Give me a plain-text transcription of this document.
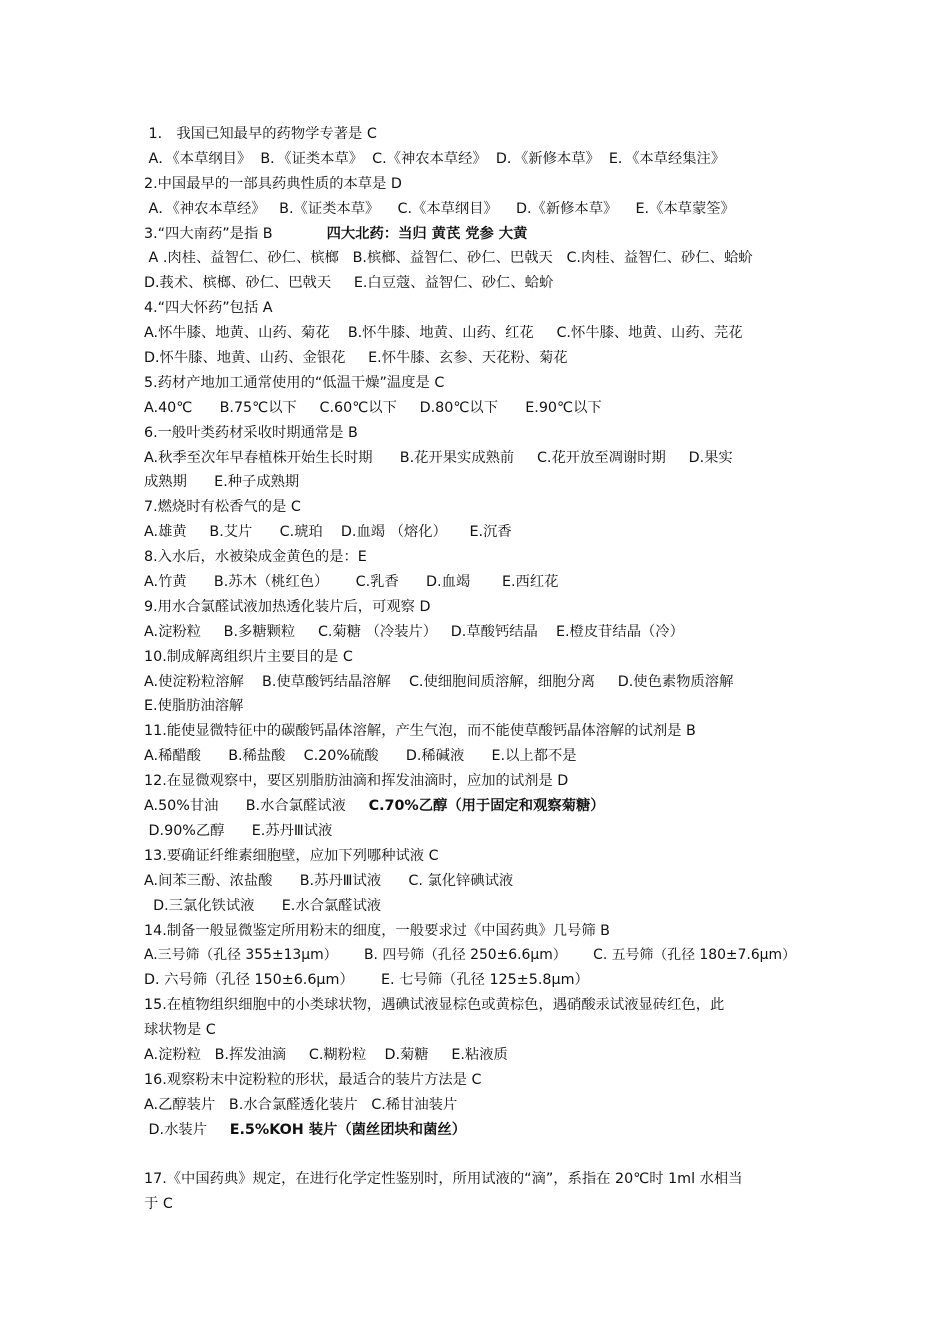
1． 我国已知最早的药物学专著是 C
A．《本草纲目》  B．《证类本草》  C.《神农本草经》  D．《新修本草》  E．《本草经集注》
2.中国最早的一部具药典性质的本草是 D
A．《神农本草经》   B.《证类本草》    C.《本草纲目》    D.《新修本草》    E.《本草蒙筌》
3.“四大南药”是指 B	四大北药：当归 黄芪 党参 大黄
A .肉桂、益智仁、砂仁、槟榔   B.槟榔、益智仁、砂仁、巴戟天   C.肉桂、益智仁、砂仁、蛤蚧
D.莪术、槟榔、砂仁、巴戟天     E.白豆蔻、益智仁、砂仁、蛤蚧
4.“四大怀药”包括 A
A.怀牛膝、地黄、山药、菊花    B.怀牛膝、地黄、山药、红花     C.怀牛膝、地黄、山药、芫花
D.怀牛膝、地黄、山药、金银花     E.怀牛膝、玄参、天花粉、菊花
5.药材产地加工通常使用的“低温干燥”温度是 C
A.40℃      B.75℃以下     C.60℃以下     D.80℃以下      E.90℃以下
6.一般叶类药材采收时期通常是 B
A.秋季至次年早春植株开始生长时期      B.花开果实成熟前     C.花开放至凋谢时期     D.果实
成熟期      E.种子成熟期
7.燃烧时有松香气的是 C
A.雄黄     B.艾片      C.琥珀    D.血竭 （熔化）     E.沉香
8.入水后，水被染成金黄色的是：E
A.竹黄      B.苏木（桃红色）      C.乳香      D.血竭       E.西红花
9.用水合氯醛试液加热透化装片后，可观察 D
A.淀粉粒     B.多糖颗粒     C.菊糖 （冷装片）   D.草酸钙结晶    E.橙皮苷结晶（冷）
10.制成解离组织片主要目的是 C
A.使淀粉粒溶解    B.使草酸钙结晶溶解    C.使细胞间质溶解，细胞分离     D.使色素物质溶解
E.使脂肪油溶解
11.能使显微特征中的碳酸钙晶体溶解，产生气泡，而不能使草酸钙晶体溶解的试剂是 B
A.稀醋酸      B.稀盐酸    C.20%硫酸      D.稀碱液      E.以上都不是
12.在显微观察中，要区别脂肪油滴和挥发油滴时，应加的试剂是 D
A.50%甘油      B.水合氯醛试液     C.70%乙醇（用于固定和观察菊糖）
D.90%乙醇      E.苏丹Ⅲ试液
13.要确证纤维素细胞壁，应加下列哪种试液 C
A.间苯三酚、浓盐酸      B.苏丹Ⅲ试液      C. 氯化锌碘试液
D.三氯化铁试液      E.水合氯醛试液
14.制备一般显微鉴定所用粉末的细度，一般要求过《中国药典》几号筛 B
A.三号筛（孔径 355±13μm）      B. 四号筛（孔径 250±6.6μm）      C. 五号筛（孔径 180±7.6μm）
D. 六号筛（孔径 150±6.6μm）      E. 七号筛（孔径 125±5.8μm）
15.在植物组织细胞中的小类球状物，遇碘试液显棕色或黄棕色，遇硝酸汞试液显砖红色，此
球状物是 C
A.淀粉粒   B.挥发油滴     C.糊粉粒    D.菊糖     E.粘液质
16.观察粉末中淀粉粒的形状，最适合的装片方法是 C
A.乙醇装片   B.水合氯醛透化装片   C.稀甘油装片
D.水装片     E.5%KOH 装片（菌丝团块和菌丝）
17.《中国药典》规定，在进行化学定性鉴别时，所用试液的“滴”，系指在 20℃时 1ml 水相当
于 C
